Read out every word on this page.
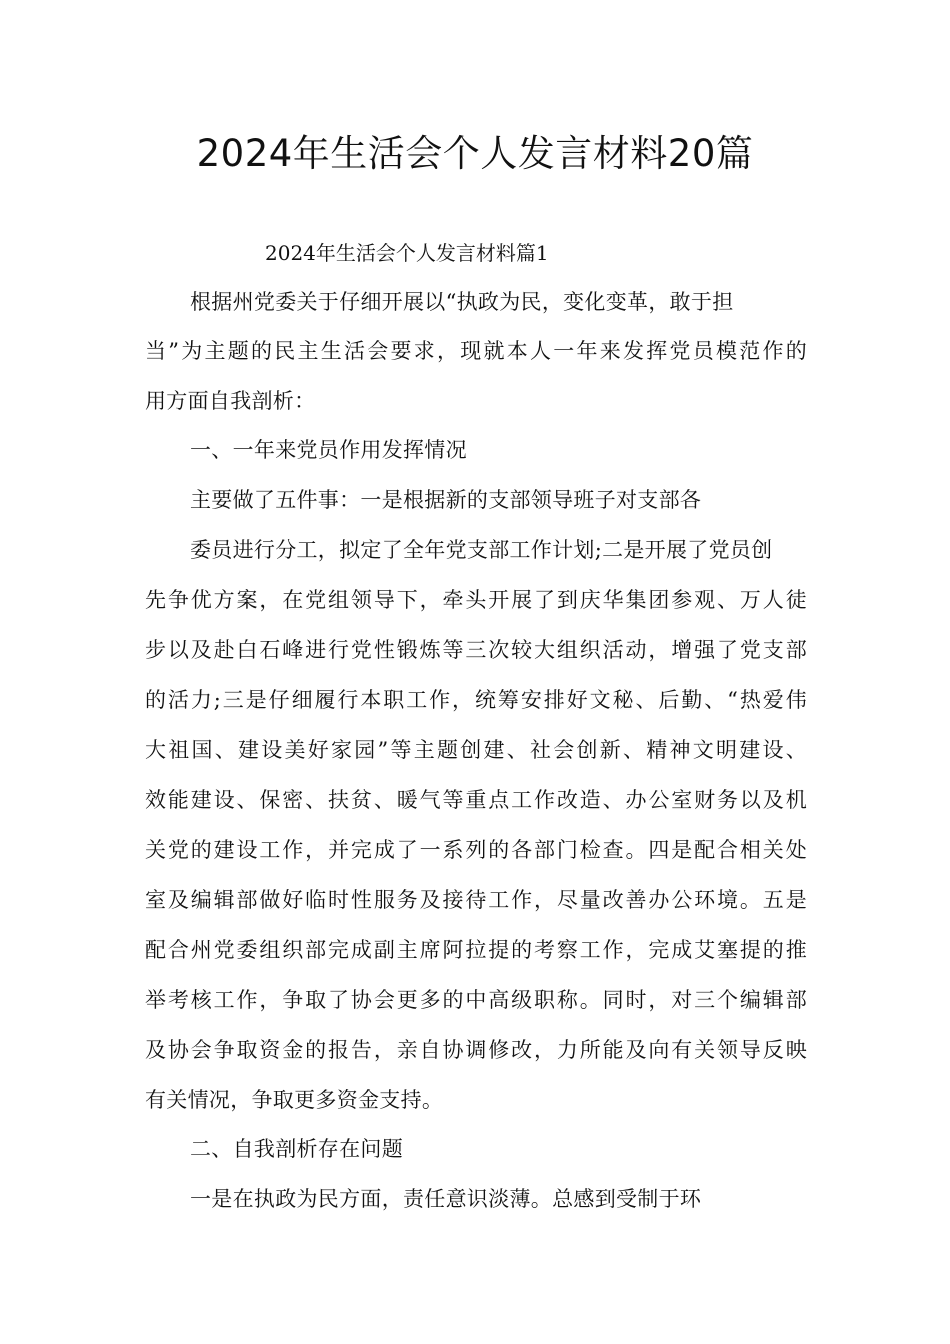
2024年生活会个人发言材料20篇
2024年生活会个人发言材料篇1
根据州党委关于仔细开展以“执政为民，变化变革，敢于担
当”为主题的民主生活会要求，现就本人一年来发挥党员模范作的
用方面自我剖析：
一、一年来党员作用发挥情况
主要做了五件事：一是根据新的支部领导班子对支部各
委员进行分工，拟定了全年党支部工作计划;二是开展了党员创
先争优方案，在党组领导下，牵头开展了到庆华集团参观、万人徒
步以及赴白石峰进行党性锻炼等三次较大组织活动，增强了党支部
的活力;三是仔细履行本职工作，统筹安排好文秘、后勤、“热爱伟
大祖国、建设美好家园”等主题创建、社会创新、精神文明建设、
效能建设、保密、扶贫、暖气等重点工作改造、办公室财务以及机
关党的建设工作，并完成了一系列的各部门检查。四是配合相关处
室及编辑部做好临时性服务及接待工作，尽量改善办公环境。五是
配合州党委组织部完成副主席阿拉提的考察工作，完成艾塞提的推
举考核工作，争取了协会更多的中高级职称。同时，对三个编辑部
及协会争取资金的报告，亲自协调修改，力所能及向有关领导反映
有关情况，争取更多资金支持。
二、自我剖析存在问题
一是在执政为民方面，责任意识淡薄。总感到受制于环
